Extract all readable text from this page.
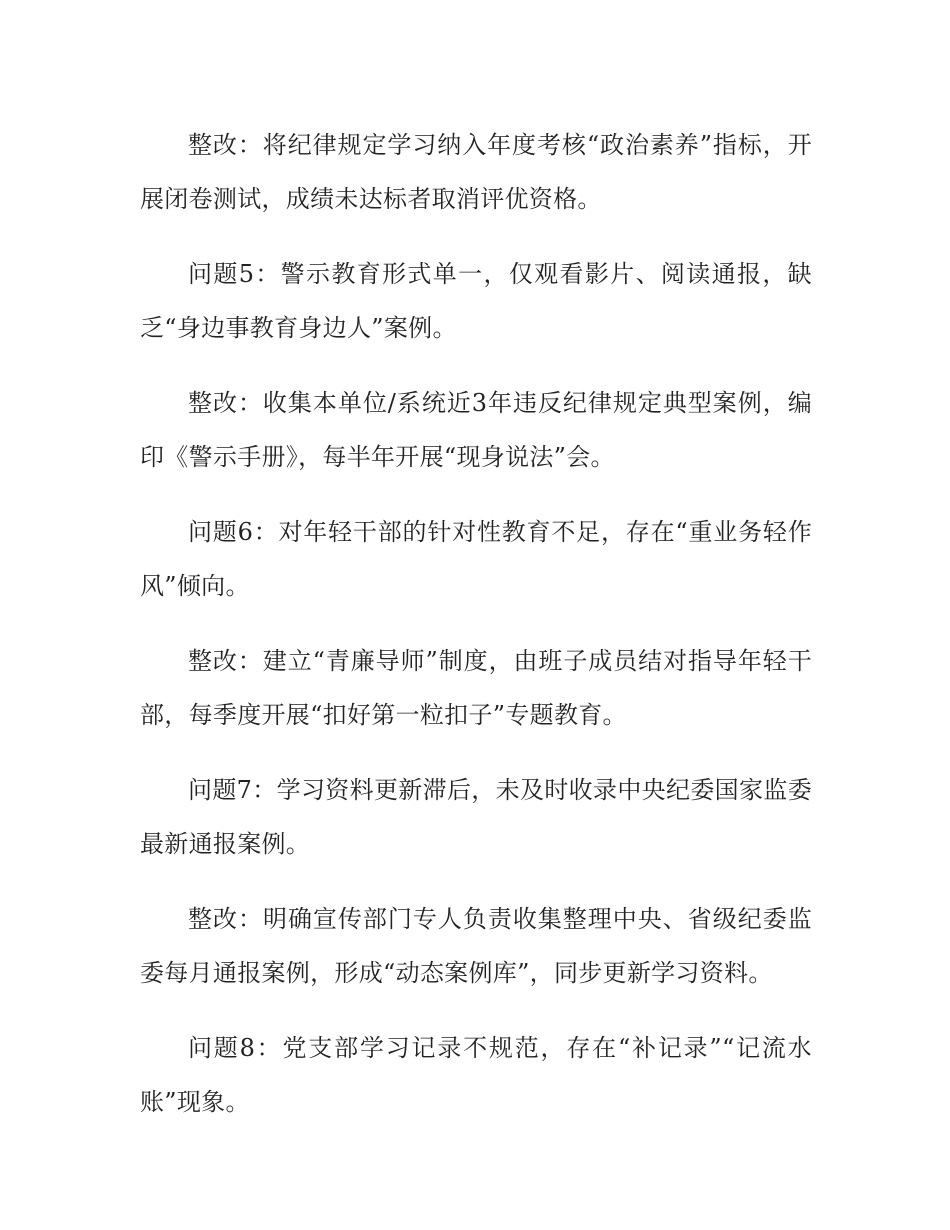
整改：将纪律规定学习纳入年度考核“政治素养”指标，开展闭卷测试，成绩未达标者取消评优资格。

问题5：警示教育形式单一，仅观看影片、阅读通报，缺乏“身边事教育身边人”案例。

整改：收集本单位/系统近3年违反纪律规定典型案例，编印《警示手册》，每半年开展“现身说法”会。

问题6：对年轻干部的针对性教育不足，存在“重业务轻作风”倾向。

整改：建立“青廉导师”制度，由班子成员结对指导年轻干部，每季度开展“扣好第一粒扣子”专题教育。

问题7：学习资料更新滞后，未及时收录中央纪委国家监委最新通报案例。

整改：明确宣传部门专人负责收集整理中央、省级纪委监委每月通报案例，形成“动态案例库”，同步更新学习资料。

问题8：党支部学习记录不规范，存在“补记录”“记流水账”现象。
